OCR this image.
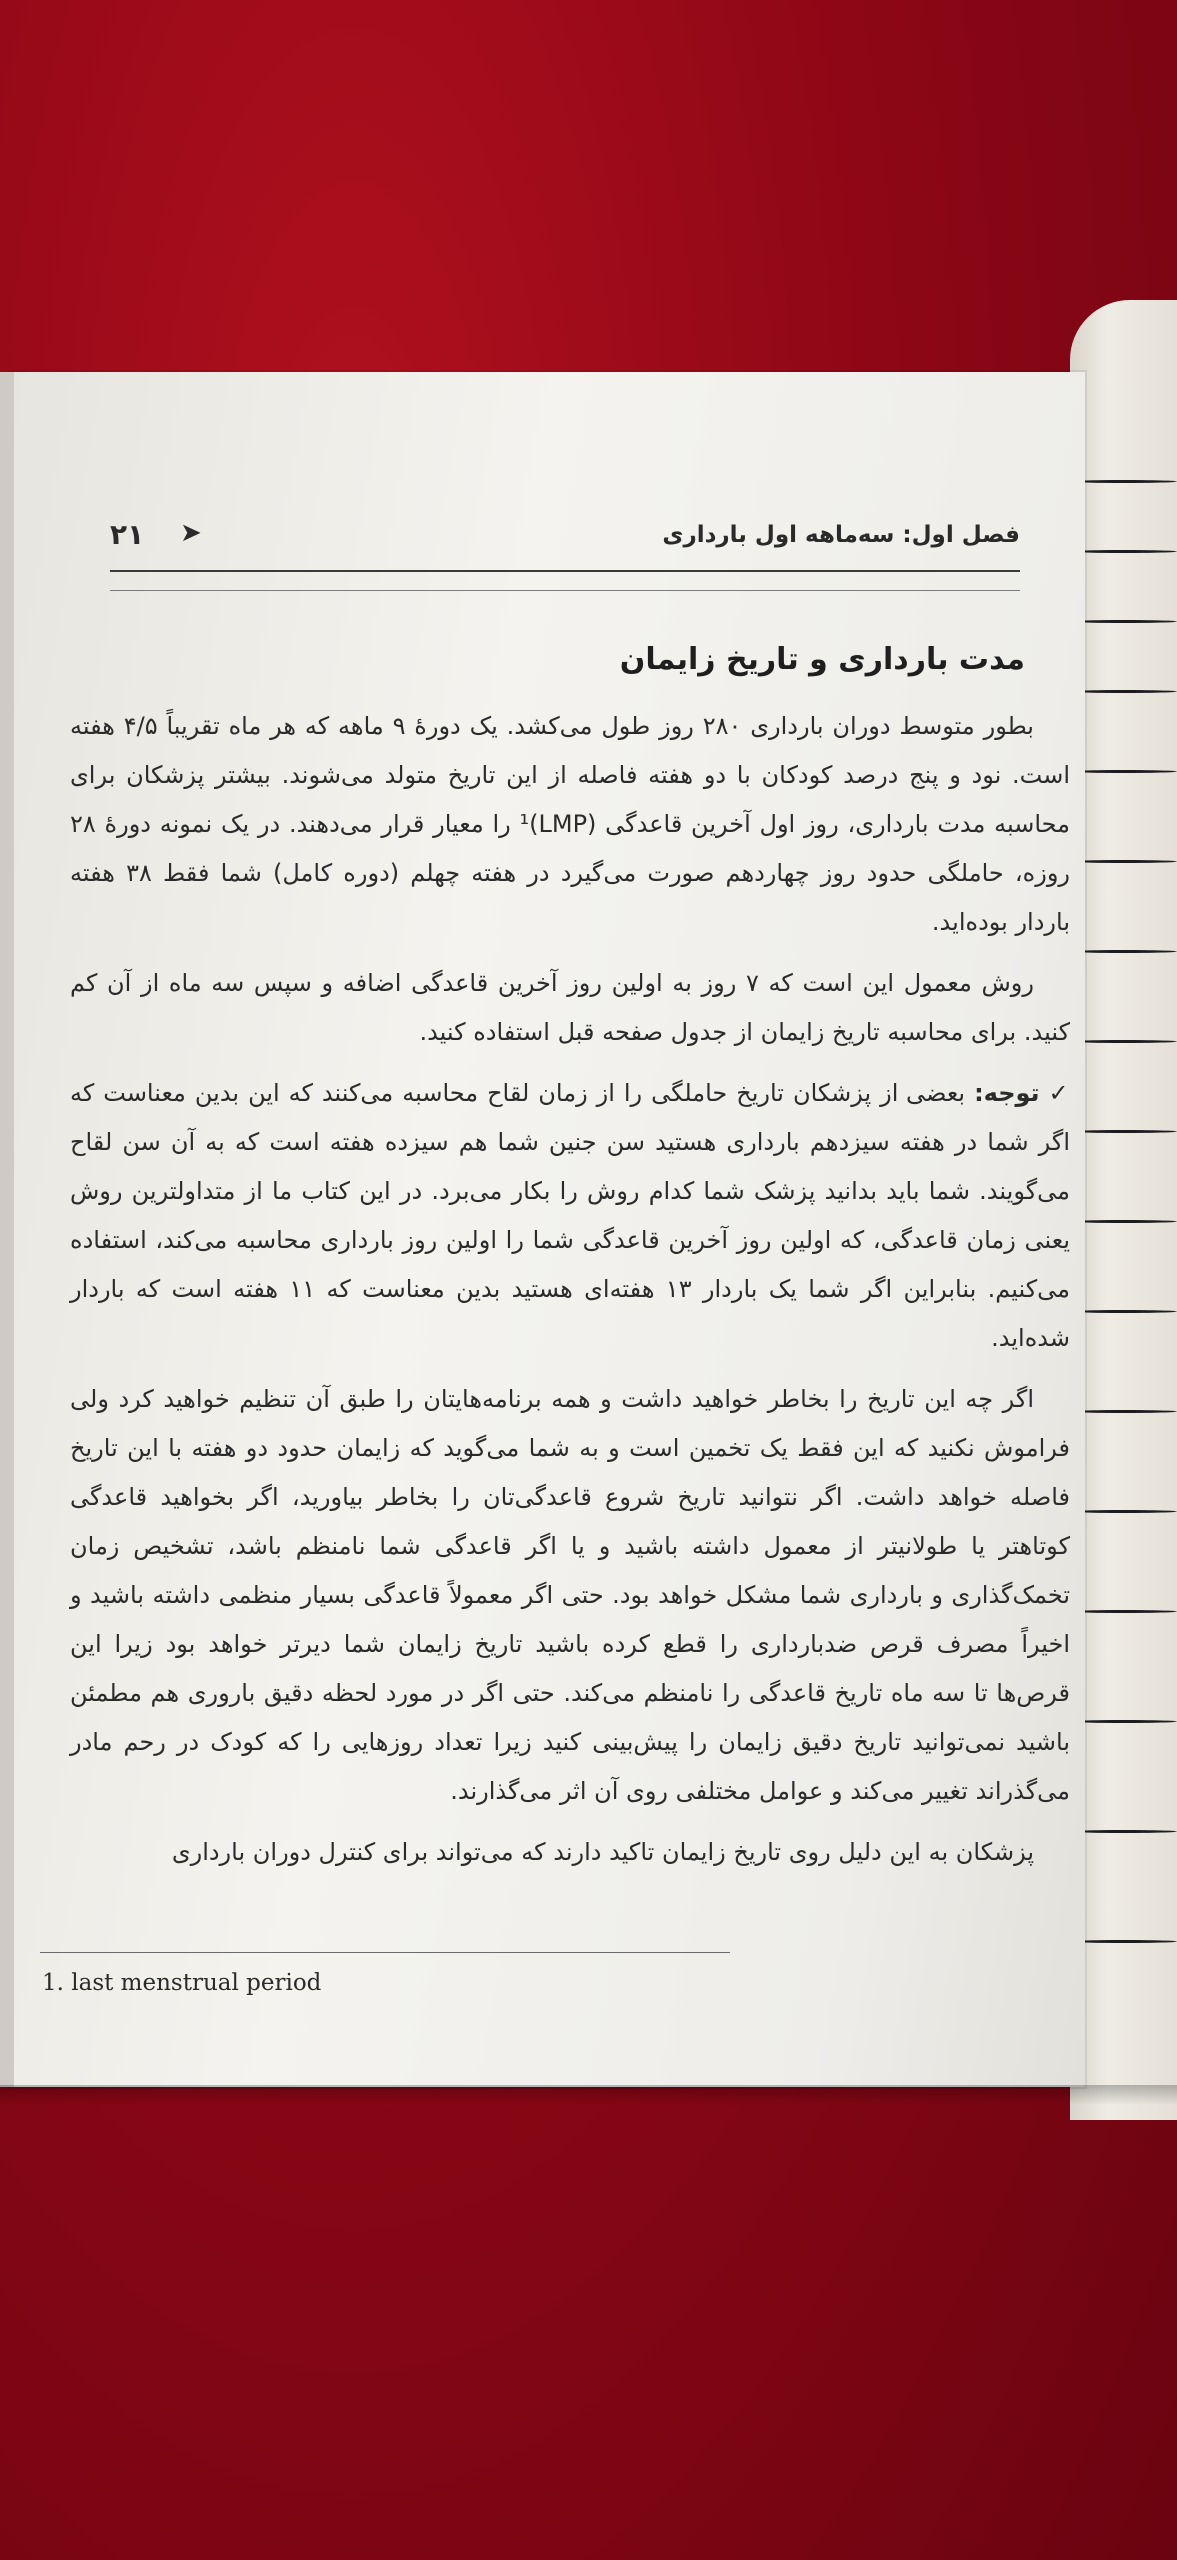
فصل اول: سه‌ماهه اول بارداری
➤
۲۱
مدت بارداری و تاریخ زایمان

بطور متوسط دوران بارداری ۲۸۰ روز طول می‌کشد. یک دورهٔ ۹ ماهه که هر ماه تقریباً ۴/۵ هفته است. نود و پنج درصد کودکان با دو هفته فاصله از این تاریخ متولد می‌شوند. بیشتر پزشکان برای محاسبه مدت بارداری، روز اول آخرین قاعدگی (LMP)¹ را معیار قرار می‌دهند. در یک نمونه دورهٔ ۲۸ روزه، حاملگی حدود روز چهاردهم صورت می‌گیرد در هفته چهلم (دوره کامل) شما فقط ۳۸ هفته باردار بوده‌اید.

روش معمول این است که ۷ روز به اولین روز آخرین قاعدگی اضافه و سپس سه ماه از آن کم کنید. برای محاسبه تاریخ زایمان از جدول صفحه قبل استفاده کنید.

✓ توجه: بعضی از پزشکان تاریخ حاملگی را از زمان لقاح محاسبه می‌کنند که این بدین معناست که اگر شما در هفته سیزدهم بارداری هستید سن جنین شما هم سیزده هفته است که به آن سن لقاح می‌گویند. شما باید بدانید پزشک شما کدام روش را بکار می‌برد. در این کتاب ما از متداولترین روش یعنی زمان قاعدگی، که اولین روز آخرین قاعدگی شما را اولین روز بارداری محاسبه می‌کند، استفاده می‌کنیم. بنابراین اگر شما یک باردار ۱۳ هفته‌ای هستید بدین معناست که ۱۱ هفته است که باردار شده‌اید.

اگر چه این تاریخ را بخاطر خواهید داشت و همه برنامه‌هایتان را طبق آن تنظیم خواهید کرد ولی فراموش نکنید که این فقط یک تخمین است و به شما می‌گوید که زایمان حدود دو هفته با این تاریخ فاصله خواهد داشت. اگر نتوانید تاریخ شروع قاعدگی‌تان را بخاطر بیاورید، اگر بخواهید قاعدگی کوتاهتر یا طولانیتر از معمول داشته باشید و یا اگر قاعدگی شما نامنظم باشد، تشخیص زمان تخمک‌گذاری و بارداری شما مشکل خواهد بود. حتی اگر معمولاً قاعدگی بسیار منظمی داشته باشید و اخیراً مصرف قرص ضدبارداری را قطع کرده باشید تاریخ زایمان شما دیرتر خواهد بود زیرا این قرص‌ها تا سه ماه تاریخ قاعدگی را نامنظم می‌کند. حتی اگر در مورد لحظه دقیق باروری هم مطمئن باشید نمی‌توانید تاریخ دقیق زایمان را پیش‌بینی کنید زیرا تعداد روزهایی را که کودک در رحم مادر می‌گذراند تغییر می‌کند و عوامل مختلفی روی آن اثر می‌گذارند.

پزشکان به این دلیل روی تاریخ زایمان تاکید دارند که می‌تواند برای کنترل دوران بارداری

1. last menstrual period
